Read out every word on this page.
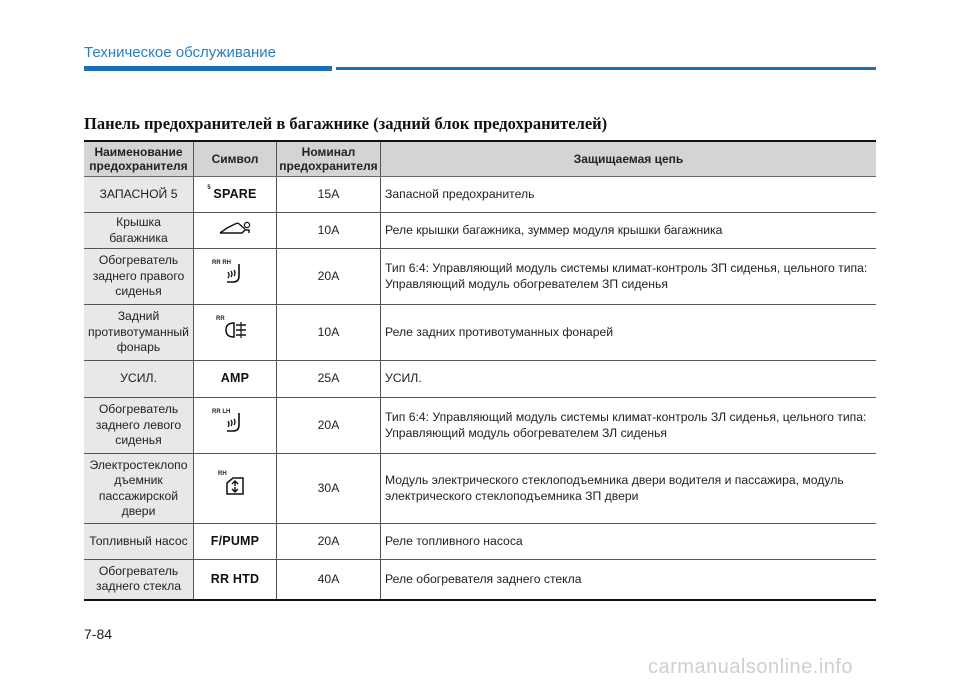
Техническое обслуживание
Панель предохранителей в багажнике (задний блок предохранителей)
Наименование предохранителя	Символ	Номинал предохранителя	Защищаемая цепь
ЗАПАСНОЙ 5	5 SPARE	15A	Запасной предохранитель
Крышка багажника		10A	Реле крышки багажника, зуммер модуля крышки багажника
Обогреватель заднего правого сиденья	RR RH	20A	Тип 6:4: Управляющий модуль системы климат-контроль ЗП сиденья, цельного типа: Управляющий модуль обогревателем ЗП сиденья
Задний противотуманный фонарь	RR	10A	Реле задних противотуманных фонарей
УСИЛ.	AMP	25A	УСИЛ.
Обогреватель заднего левого сиденья	RR LH	20A	Тип 6:4: Управляющий модуль системы климат-контроль ЗЛ сиденья, цельного типа: Управляющий модуль обогревателем ЗЛ сиденья
Электростеклопо дъемник пассажирской двери	RH	30A	Модуль электрического стеклоподъемника двери водителя и пассажира, модуль электрического стеклоподъемника ЗП двери
Топливный насос	F/PUMP	20A	Реле топливного насоса
Обогреватель заднего стекла	RR HTD	40A	Реле обогревателя заднего стекла
7-84
carmanualsonline.info
